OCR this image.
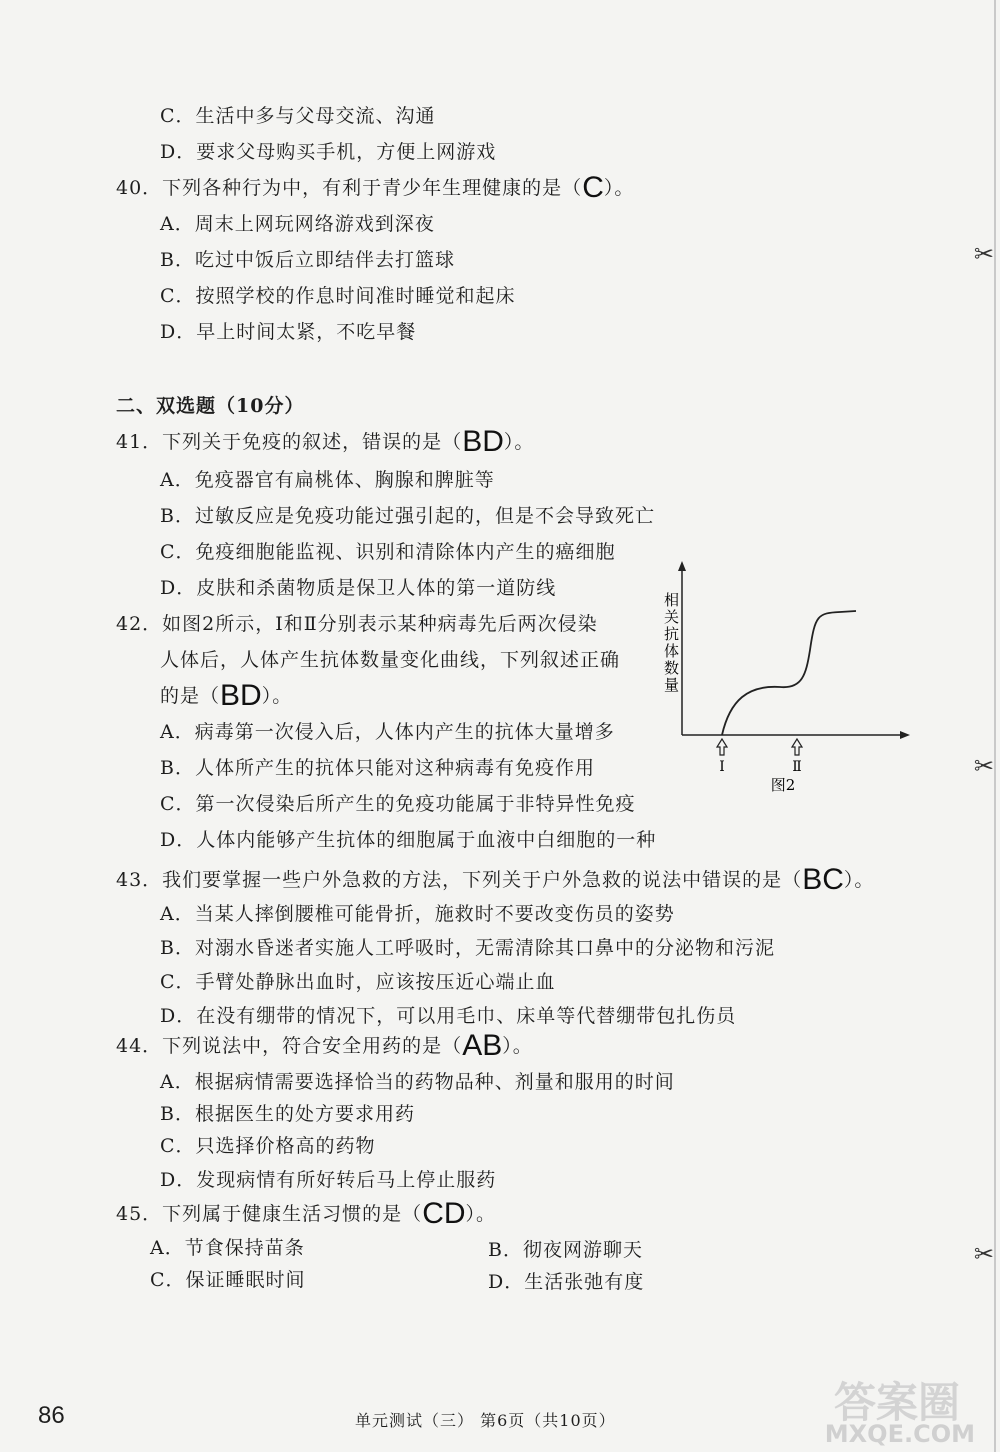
C．生活中多与父母交流、沟通
D．要求父母购买手机，方便上网游戏
40．下列各种行为中，有利于青少年生理健康的是（C）。
A．周末上网玩网络游戏到深夜
B．吃过中饭后立即结伴去打篮球
C．按照学校的作息时间准时睡觉和起床
D．早上时间太紧，不吃早餐
二、双选题（10分）
41．下列关于免疫的叙述，错误的是（BD）。
A．免疫器官有扁桃体、胸腺和脾脏等
B．过敏反应是免疫功能过强引起的，但是不会导致死亡
C．免疫细胞能监视、识别和清除体内产生的癌细胞
D．皮肤和杀菌物质是保卫人体的第一道防线
42．如图2所示，Ⅰ和Ⅱ分别表示某种病毒先后两次侵染
人体后，人体产生抗体数量变化曲线，下列叙述正确
的是（BD）。
A．病毒第一次侵入后，人体内产生的抗体大量增多
B．人体所产生的抗体只能对这种病毒有免疫作用
C．第一次侵染后所产生的免疫功能属于非特异性免疫
D．人体内能够产生抗体的细胞属于血液中白细胞的一种
相关抗体数量
Ⅰ	Ⅱ
图2
43．我们要掌握一些户外急救的方法，下列关于户外急救的说法中错误的是（BC）。
A．当某人摔倒腰椎可能骨折，施救时不要改变伤员的姿势
B．对溺水昏迷者实施人工呼吸时，无需清除其口鼻中的分泌物和污泥
C．手臂处静脉出血时，应该按压近心端止血
D．在没有绷带的情况下，可以用毛巾、床单等代替绷带包扎伤员
44．下列说法中，符合安全用药的是（AB）。
A．根据病情需要选择恰当的药物品种、剂量和服用的时间
B．根据医生的处方要求用药
C．只选择价格高的药物
D．发现病情有所好转后马上停止服药
45．下列属于健康生活习惯的是（CD）。
A．节食保持苗条	B．彻夜网游聊天
C．保证睡眠时间	D．生活张弛有度
✂
✂
✂
86	单元测试（三） 第6页（共10页）	答案圈
MXQE.COM
